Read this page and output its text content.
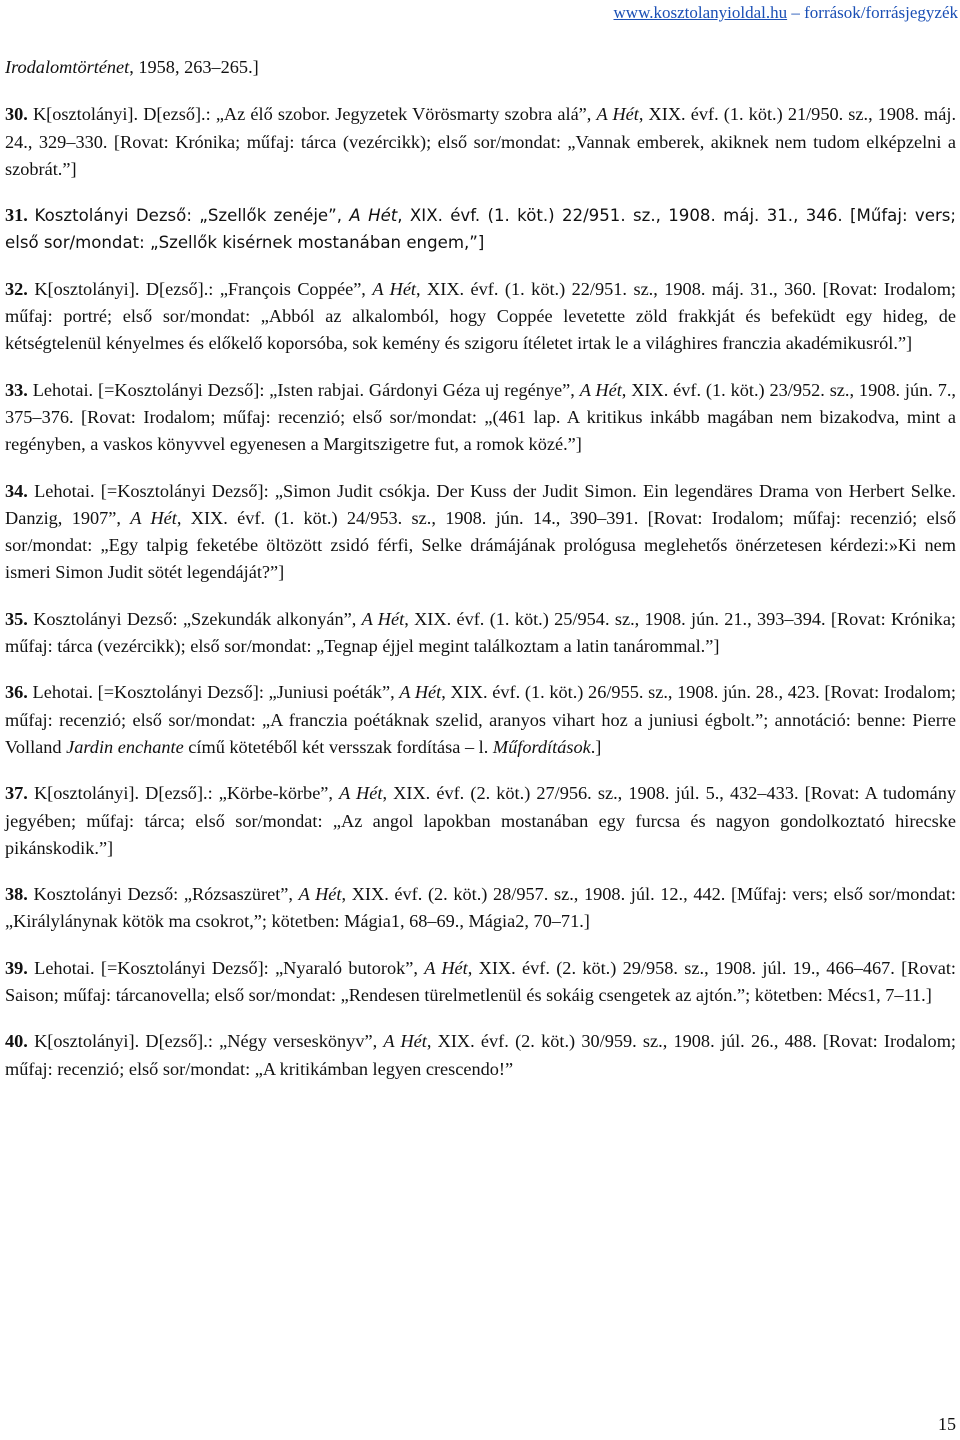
www.kosztolanyioldal.hu – források/forrásjegyzék

Irodalomtörténet, 1958, 263–265.]

30. K[osztolányi]. D[ezső].: „Az élő szobor. Jegyzetek Vörösmarty szobra alá”, A Hét, XIX. évf. (1. köt.) 21/950. sz., 1908. máj. 24., 329–330. [Rovat: Krónika; műfaj: tárca (vezércikk); első sor/mondat: „Vannak emberek, akiknek nem tudom elképzelni a szobrát.”]

31. Kosztolányi Dezső: „Szellők zenéje”, A Hét, XIX. évf. (1. köt.) 22/951. sz., 1908. máj. 31., 346. [Műfaj: vers; első sor/mondat: „Szellők kisérnek mostanában engem,”]

32. K[osztolányi]. D[ezső].: „François Coppée”, A Hét, XIX. évf. (1. köt.) 22/951. sz., 1908. máj. 31., 360. [Rovat: Irodalom; műfaj: portré; első sor/mondat: „Abból az alkalomból, hogy Coppée levetette zöld frakkját és befeküdt egy hideg, de kétségtelenül kényelmes és előkelő koporsóba, sok kemény és szigoru ítéletet irtak le a világhires franczia akadémikusról.”]

33. Lehotai. [=Kosztolányi Dezső]: „Isten rabjai. Gárdonyi Géza uj regénye”, A Hét, XIX. évf. (1. köt.) 23/952. sz., 1908. jún. 7., 375–376. [Rovat: Irodalom; műfaj: recenzió; első sor/mondat: „(461 lap. A kritikus inkább magában nem bizakodva, mint a regényben, a vaskos könyvvel egyenesen a Margitszigetre fut, a romok közé.”]

34. Lehotai. [=Kosztolányi Dezső]: „Simon Judit csókja. Der Kuss der Judit Simon. Ein legendäres Drama von Herbert Selke. Danzig, 1907”, A Hét, XIX. évf. (1. köt.) 24/953. sz., 1908. jún. 14., 390–391. [Rovat: Irodalom; műfaj: recenzió; első sor/mondat: „Egy talpig feketébe öltözött zsidó férfi, Selke drámájának prológusa meglehetős önérzetesen kérdezi:»Ki nem ismeri Simon Judit sötét legendáját?”]

35. Kosztolányi Dezső: „Szekundák alkonyán”, A Hét, XIX. évf. (1. köt.) 25/954. sz., 1908. jún. 21., 393–394. [Rovat: Krónika; műfaj: tárca (vezércikk); első sor/mondat: „Tegnap éjjel megint találkoztam a latin tanárommal.”]

36. Lehotai. [=Kosztolányi Dezső]: „Juniusi poéták”, A Hét, XIX. évf. (1. köt.) 26/955. sz., 1908. jún. 28., 423. [Rovat: Irodalom; műfaj: recenzió; első sor/mondat: „A franczia poétáknak szelid, aranyos vihart hoz a juniusi égbolt.”; annotáció: benne: Pierre Volland Jardin enchante című kötetéből két versszak fordítása – l. Műfordítások.]

37. K[osztolányi]. D[ezső].: „Körbe-körbe”, A Hét, XIX. évf. (2. köt.) 27/956. sz., 1908. júl. 5., 432–433. [Rovat: A tudomány jegyében; műfaj: tárca; első sor/mondat: „Az angol lapokban mostanában egy furcsa és nagyon gondolkoztató hirecske pikánskodik.”]

38. Kosztolányi Dezső: „Rózsaszüret”, A Hét, XIX. évf. (2. köt.) 28/957. sz., 1908. júl. 12., 442. [Műfaj: vers; első sor/mondat: „Királylánynak kötök ma csokrot,”; kötetben: Mágia1, 68–69., Mágia2, 70–71.]

39. Lehotai. [=Kosztolányi Dezső]: „Nyaraló butorok”, A Hét, XIX. évf. (2. köt.) 29/958. sz., 1908. júl. 19., 466–467. [Rovat: Saison; műfaj: tárcanovella; első sor/mondat: „Rendesen türelmetlenül és sokáig csengetek az ajtón.”; kötetben: Mécs1, 7–11.]

40. K[osztolányi]. D[ezső].: „Négy verseskönyv”, A Hét, XIX. évf. (2. köt.) 30/959. sz., 1908. júl. 26., 488. [Rovat: Irodalom; műfaj: recenzió; első sor/mondat: „A kritikámban legyen crescendo!”

15
